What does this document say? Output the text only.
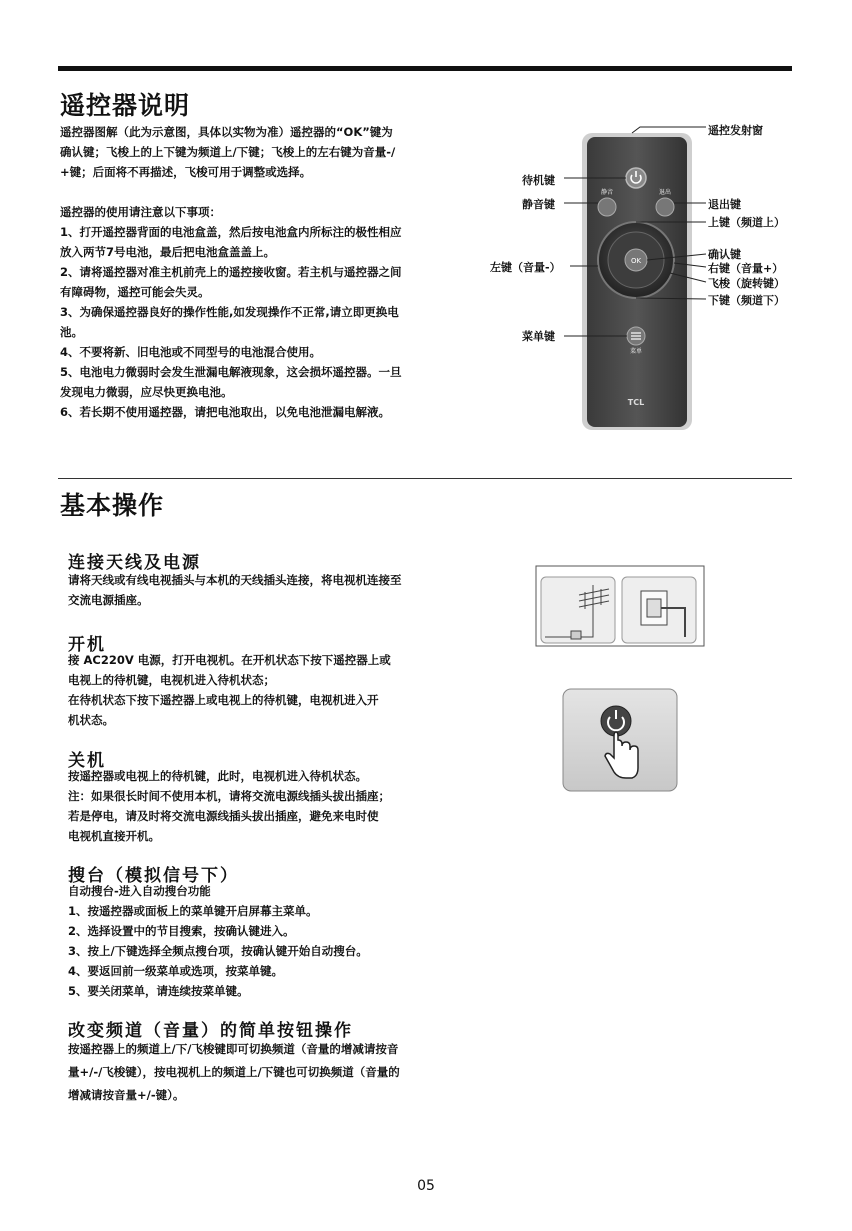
遥控器说明

遥控器图解（此为示意图，具体以实物为准）遥控器的“OK”键为

确认键；飞梭上的上下键为频道上/下键；飞梭上的左右键为音量-/

+键；后面将不再描述，飞梭可用于调整或选择。

遥控器的使用请注意以下事项：

1、打开遥控器背面的电池盒盖，然后按电池盒内所标注的极性相应

放入两节7号电池，最后把电池盒盖盖上。

2、请将遥控器对准主机前壳上的遥控接收窗。若主机与遥控器之间

有障碍物，遥控可能会失灵。

3、为确保遥控器良好的操作性能,如发现操作不正常,请立即更换电

池。

4、不要将新、旧电池或不同型号的电池混合使用。

5、电池电力微弱时会发生泄漏电解液现象，这会损坏遥控器。一旦

发现电力微弱，应尽快更换电池。

6、若长期不使用遥控器，请把电池取出，以免电池泄漏电解液。

静音	退出
OK
菜单
TCL
遥控发射窗
待机键
静音键	退出键
上键（频道上）
左键（音量-）
确认键
右键（音量+）
飞梭（旋转键）
下键（频道下）
菜单键
基本操作
连接天线及电源

请将天线或有线电视插头与本机的天线插头连接，将电视机连接至

交流电源插座。

开机

接 AC220V 电源，打开电视机。在开机状态下按下遥控器上或

电视上的待机键，电视机进入待机状态；

在待机状态下按下遥控器上或电视上的待机键，电视机进入开

机状态。

关机

按遥控器或电视上的待机键，此时，电视机进入待机状态。

注：如果很长时间不使用本机，请将交流电源线插头拔出插座；

若是停电，请及时将交流电源线插头拔出插座，避免来电时使

电视机直接开机。

搜台（模拟信号下）

自动搜台-进入自动搜台功能

1、按遥控器或面板上的菜单键开启屏幕主菜单。

2、选择设置中的节目搜索，按确认键进入。

3、按上/下键选择全频点搜台项，按确认键开始自动搜台。

4、要返回前一级菜单或选项，按菜单键。

5、要关闭菜单，请连续按菜单键。

改变频道（音量）的简单按钮操作

按遥控器上的频道上/下/飞梭键即可切换频道（音量的增减请按音

量+/-/飞梭键），按电视机上的频道上/下键也可切换频道（音量的

增减请按音量+/-键）。

05
